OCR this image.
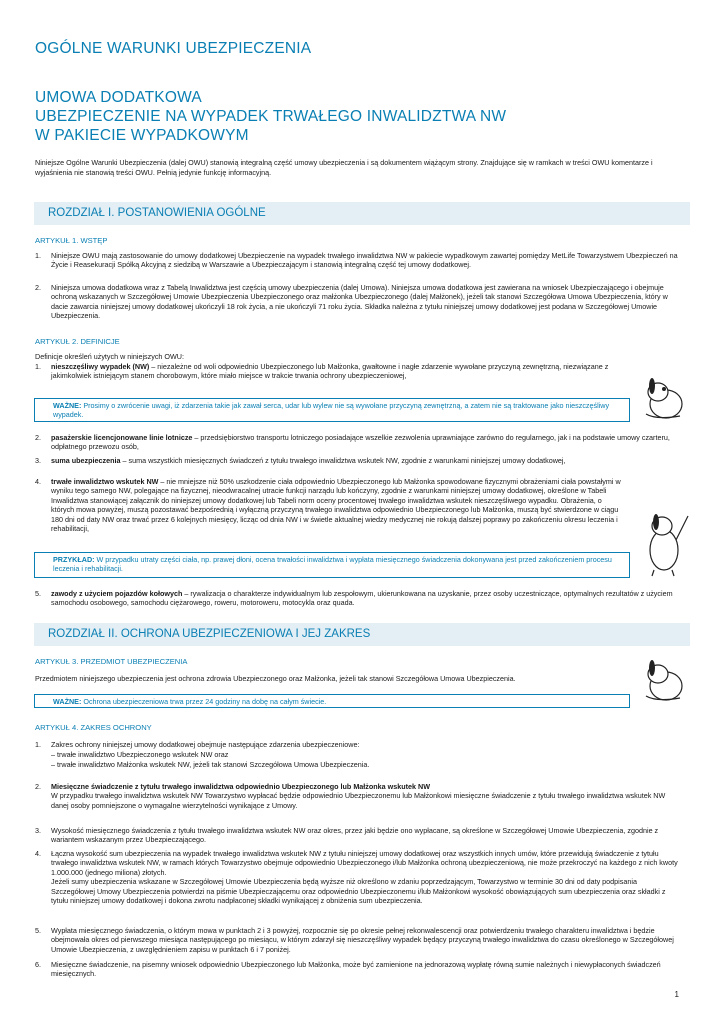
OGÓLNE WARUNKI UBEZPIECZENIA
UMOWA DODATKOWA
UBEZPIECZENIE NA WYPADEK TRWAŁEGO INWALIDZTWA NW
W PAKIECIE WYPADKOWYM
Niniejsze Ogólne Warunki Ubezpieczenia (dalej OWU) stanowią integralną część umowy ubezpieczenia i są dokumentem wiążącym strony. Znajdujące się w ramkach w treści OWU komentarze i wyjaśnienia nie stanowią treści OWU. Pełnią jedynie funkcję informacyjną.
ROZDZIAŁ I. POSTANOWIENIA OGÓLNE
ARTYKUŁ 1. WSTĘP
1. Niniejsze OWU mają zastosowanie do umowy dodatkowej Ubezpieczenie na wypadek trwałego inwalidztwa NW w pakiecie wypadkowym zawartej pomiędzy MetLife Towarzystwem Ubezpieczeń na Życie i Reasekuracji Spółką Akcyjną z siedzibą w Warszawie a Ubezpieczającym i stanowią integralną część tej umowy dodatkowej.
2. Niniejsza umowa dodatkowa wraz z Tabelą Inwalidztwa jest częścią umowy ubezpieczenia (dalej Umowa). Niniejsza umowa dodatkowa jest zawierana na wniosek Ubezpieczającego i obejmuje ochroną wskazanych w Szczegółowej Umowie Ubezpieczenia Ubezpieczonego oraz małżonka Ubezpieczonego (dalej Małżonek), jeżeli tak stanowi Szczegółowa Umowa Ubezpieczenia, który w dacie zawarcia niniejszej umowy dodatkowej ukończyli 18 rok życia, a nie ukończyli 71 roku życia. Składka należna z tytułu niniejszej umowy dodatkowej jest podana w Szczegółowej Umowie Ubezpieczenia.
ARTYKUŁ 2. DEFINICJE
Definicje określeń użytych w niniejszych OWU:
1. nieszczęśliwy wypadek (NW) – niezależne od woli odpowiednio Ubezpieczonego lub Małżonka, gwałtowne i nagłe zdarzenie wywołane przyczyną zewnętrzną, niezwiązane z jakimkolwiek istniejącym stanem chorobowym, które miało miejsce w trakcie trwania ochrony ubezpieczeniowej,
WAŻNE: Prosimy o zwrócenie uwagi, iż zdarzenia takie jak zawał serca, udar lub wylew nie są wywołane przyczyną zewnętrzną, a zatem nie są traktowane jako nieszczęśliwy wypadek.
2. pasażerskie licencjonowane linie lotnicze – przedsiębiorstwo transportu lotniczego posiadające wszelkie zezwolenia uprawniające zarówno do regularnego, jak i na podstawie umowy czarteru, odpłatnego przewozu osób,
3. suma ubezpieczenia – suma wszystkich miesięcznych świadczeń z tytułu trwałego inwalidztwa wskutek NW, zgodnie z warunkami niniejszej umowy dodatkowej,
4. trwałe inwalidztwo wskutek NW – nie mniejsze niż 50% uszkodzenie ciała odpowiednio Ubezpieczonego lub Małżonka spowodowane fizycznymi obrażeniami ciała powstałymi w wyniku tego samego NW, polegające na fizycznej, nieodwracalnej utracie funkcji narządu lub kończyny, zgodnie z warunkami niniejszej umowy dodatkowej, określone w Tabeli Inwalidztwa stanowiącej załącznik do niniejszej umowy dodatkowej lub Tabeli norm oceny procentowej trwałego inwalidztwa wskutek nieszczęśliwego wypadku. Obrażenia, o których mowa powyżej, muszą pozostawać bezpośrednią i wyłączną przyczyną trwałego inwalidztwa odpowiednio Ubezpieczonego lub Małżonka, muszą być stwierdzone w ciągu 180 dni od daty NW oraz trwać przez 6 kolejnych miesięcy, licząc od dnia NW i w świetle aktualnej wiedzy medycznej nie rokują dalszej poprawy po zakończeniu okresu leczenia i rehabilitacji,
PRZYKŁAD: W przypadku utraty części ciała, np. prawej dłoni, ocena trwałości inwalidztwa i wypłata miesięcznego świadczenia dokonywana jest przed zakończeniem procesu leczenia i rehabilitacji.
5. zawody z użyciem pojazdów kołowych – rywalizacja o charakterze indywidualnym lub zespołowym, ukierunkowana na uzyskanie, przez osoby uczestniczące, optymalnych rezultatów z użyciem samochodu osobowego, samochodu ciężarowego, roweru, motoroweru, motocykla oraz quada.
ROZDZIAŁ II. OCHRONA UBEZPIECZENIOWA I JEJ ZAKRES
ARTYKUŁ 3. PRZEDMIOT UBEZPIECZENIA
Przedmiotem niniejszego ubezpieczenia jest ochrona zdrowia Ubezpieczonego oraz Małżonka, jeżeli tak stanowi Szczegółowa Umowa Ubezpieczenia.
WAŻNE: Ochrona ubezpieczeniowa trwa przez 24 godziny na dobę na całym świecie.
ARTYKUŁ 4. ZAKRES OCHRONY
1. Zakres ochrony niniejszej umowy dodatkowej obejmuje następujące zdarzenia ubezpieczeniowe:
– trwałe inwalidztwo Ubezpieczonego wskutek NW oraz
– trwałe inwalidztwo Małżonka wskutek NW, jeżeli tak stanowi Szczegółowa Umowa Ubezpieczenia.
2. Miesięczne świadczenie z tytułu trwałego inwalidztwa odpowiednio Ubezpieczonego lub Małżonka wskutek NW
W przypadku trwałego inwalidztwa wskutek NW Towarzystwo wypłacać będzie odpowiednio Ubezpieczonemu lub Małżonkowi miesięczne świadczenie z tytułu trwałego inwalidztwa wskutek NW danej osoby pomniejszone o wymagalne wierzytelności wynikające z Umowy.
3. Wysokość miesięcznego świadczenia z tytułu trwałego inwalidztwa wskutek NW oraz okres, przez jaki będzie ono wypłacane, są określone w Szczegółowej Umowie Ubezpieczenia, zgodnie z wariantem wskazanym przez Ubezpieczającego.
4. Łączna wysokość sum ubezpieczenia na wypadek trwałego inwalidztwa wskutek NW z tytułu niniejszej umowy dodatkowej oraz wszystkich innych umów, które przewidują świadczenie z tytułu trwałego inwalidztwa wskutek NW, w ramach których Towarzystwo obejmuje odpowiednio Ubezpieczonego i/lub Małżonka ochroną ubezpieczeniową, nie może przekroczyć na każdego z nich kwoty 1.000.000 (jednego miliona) złotych.
Jeżeli sumy ubezpieczenia wskazane w Szczegółowej Umowie Ubezpieczenia będą wyższe niż określono w zdaniu poprzedzającym, Towarzystwo w terminie 30 dni od daty podpisania Szczegółowej Umowy Ubezpieczenia potwierdzi na piśmie Ubezpieczającemu oraz odpowiednio Ubezpieczonemu i/lub Małżonkowi wysokość obowiązujących sum ubezpieczenia oraz składki z tytułu niniejszej umowy dodatkowej i dokona zwrotu nadpłaconej składki wynikającej z obniżenia sum ubezpieczenia.
5. Wypłata miesięcznego świadczenia, o którym mowa w punktach 2 i 3 powyżej, rozpocznie się po okresie pełnej rekonwalescencji oraz potwierdzeniu trwałego charakteru inwalidztwa i będzie obejmowała okres od pierwszego miesiąca następującego po miesiącu, w którym zdarzył się nieszczęśliwy wypadek będący przyczyną trwałego inwalidztwa do czasu określonego w Szczegółowej Umowie Ubezpieczenia, z uwzględnieniem zapisu w punktach 6 i 7 poniżej.
6. Miesięczne świadczenie, na pisemny wniosek odpowiednio Ubezpieczonego lub Małżonka, może być zamienione na jednorazową wypłatę równą sumie należnych i niewypłaconych świadczeń miesięcznych.
1
